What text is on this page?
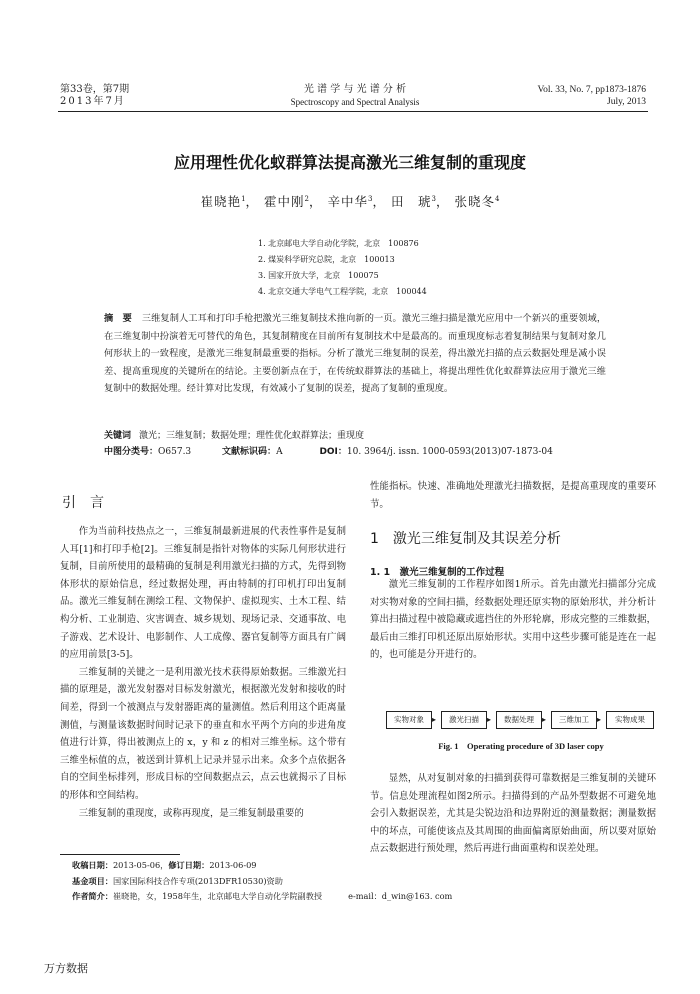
第33卷，第7期
2013年7月
光 谱 学 与 光 谱 分 析
Spectroscopy and Spectral Analysis
Vol. 33, No. 7, pp1873-1876
July, 2013
应用理性优化蚁群算法提高激光三维复制的重现度
崔晓艳$^1$， 霍中刚$^2$， 辛中华$^3$， 田　琥$^3$， 张晓冬$^4$
1. 北京邮电大学自动化学院，北京　100876
2. 煤炭科学研究总院，北京　100013
3. 国家开放大学，北京　100075
4. 北京交通大学电气工程学院，北京　100044
摘　要 三维复制人工耳和打印手枪把激光三维复制技术推向新的一页。激光三维扫描是激光应用中一个新兴的重要领域，在三维复制中扮演着无可替代的角色，其复制精度在目前所有复制技术中是最高的。而重现度标志着复制结果与复制对象几何形状上的一致程度，是激光三维复制最重要的指标。分析了激光三维复制的误差，得出激光扫描的点云数据处理是减小误差、提高重现度的关键所在的结论。主要创新点在于，在传统蚁群算法的基础上，将提出理性优化蚁群算法应用于激光三维复制中的数据处理。经计算对比发现，有效减小了复制的误差，提高了复制的重现度。
关键词 激光；三维复制；数据处理；理性优化蚁群算法；重现度
中图分类号：O657.3	文献标识码：A	DOI：10. 3964/j. issn. 1000-0593(2013)07-1873-04
引　言

作为当前科技热点之一，三维复制最新进展的代表性事件是复制人耳[1]和打印手枪[2]。三维复制是指针对物体的实际几何形状进行复制，目前所使用的最精确的复制是利用激光扫描的方式，先得到物体形状的原始信息，经过数据处理，再由特制的打印机打印出复制品。激光三维复制在测绘工程、文物保护、虚拟现实、土木工程、结构分析、工业制造、灾害调查、城乡规划、现场记录、交通事故、电子游戏、艺术设计、电影制作、人工成像、器官复制等方面具有广阔的应用前景[3-5]。

三维复制的关键之一是利用激光技术获得原始数据。三维激光扫描的原理是，激光发射器对目标发射激光，根据激光发射和接收的时间差，得到一个被测点与发射器距离的量测值。然后利用这个距离量测值，与测量该数据时间时记录下的垂直和水平两个方向的步进角度值进行计算，得出被测点上的 x，y 和 z 的相对三维坐标。这个带有三维坐标值的点，被送到计算机上记录并显示出来。众多个点依据各自的空间坐标排列，形成目标的空间数据点云，点云也就揭示了目标的形体和空间结构。

三维复制的重现度，或称再现度，是三维复制最重要的

性能指标。快速、准确地处理激光扫描数据，是提高重现度的重要环节。

1　激光三维复制及其误差分析
1. 1　激光三维复制的工作过程

激光三维复制的工作程序如图1所示。首先由激光扫描部分完成对实物对象的空间扫描，经数据处理还原实物的原始形状，并分析计算出扫描过程中被隐藏或遮挡住的外形轮廓，形成完整的三维数据，最后由三维打印机还原出原始形状。实用中这些步骤可能是连在一起的，也可能是分开进行的。

实物对象	▸	激光扫描	▸	数据处理	▸	三维加工	▸	实物成果
Fig. 1　Operating procedure of 3D laser copy

显然，从对复制对象的扫描到获得可靠数据是三维复制的关键环节。信息处理流程如图2所示。扫描得到的产品外型数据不可避免地会引入数据误差，尤其是尖锐边沿和边界附近的测量数据；测量数据中的坏点，可能使该点及其周围的曲面偏离原始曲面，所以要对原始点云数据进行预处理，然后再进行曲面重构和误差处理。

收稿日期：2013-05-06，修订日期：2013-06-09
基金项目：国家国际科技合作专项(2013DFR10530)资助
作者简介：崔晓艳，女，1958年生，北京邮电大学自动化学院副教授	e-mail：d_win@163. com
万方数据
